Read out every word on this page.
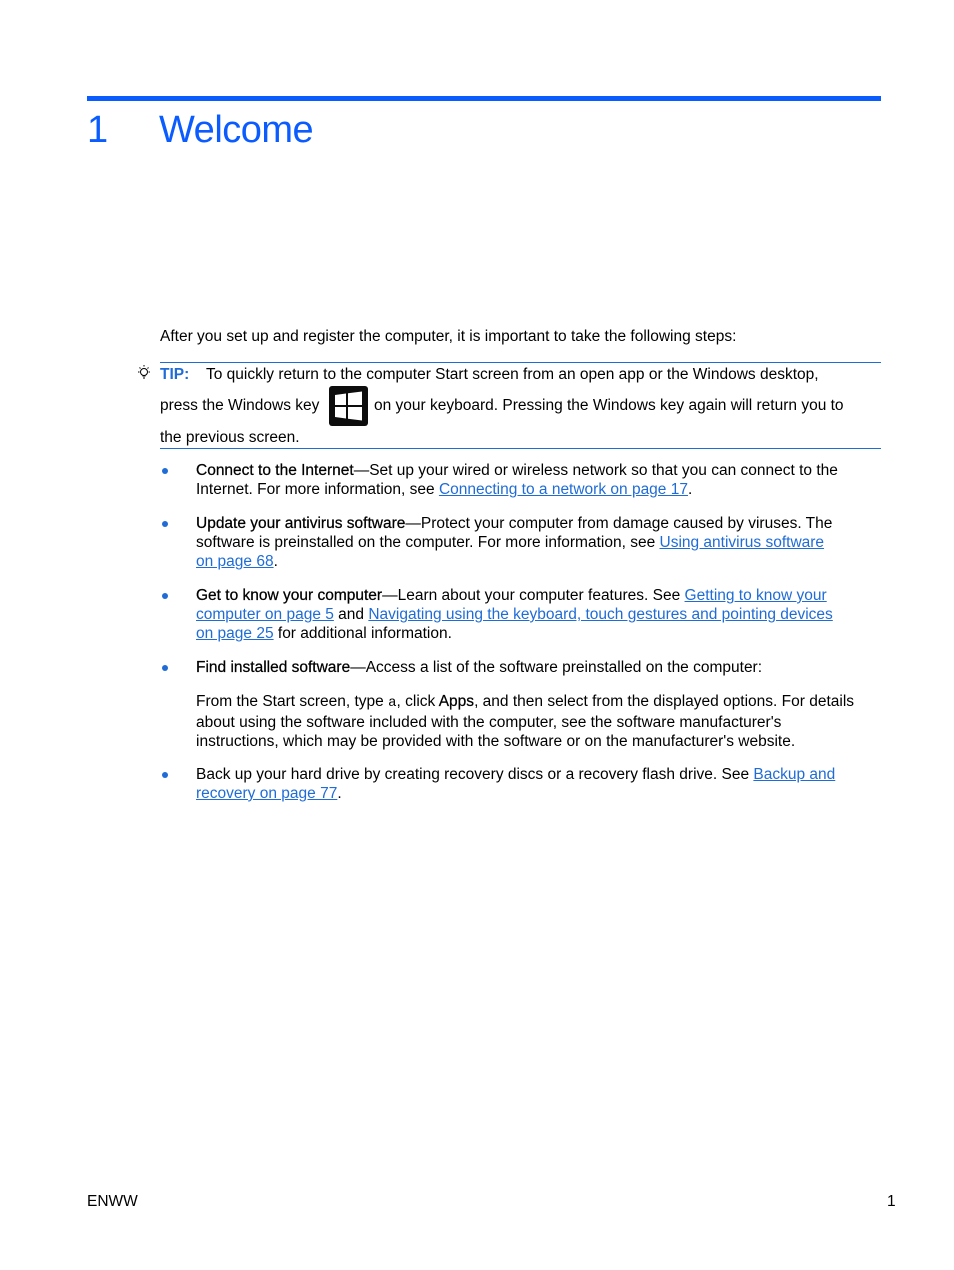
1 Welcome
After you set up and register the computer, it is important to take the following steps:
TIP: To quickly return to the computer Start screen from an open app or the Windows desktop,
press the Windows key	on your keyboard. Pressing the Windows key again will return you to
the previous screen.
Connect to the Internet—Set up your wired or wireless network so that you can connect to the
Internet. For more information, see Connecting to a network on page 17.
Update your antivirus software—Protect your computer from damage caused by viruses. The
software is preinstalled on the computer. For more information, see Using antivirus software
on page 68.
Get to know your computer—Learn about your computer features. See Getting to know your
computer on page 5 and Navigating using the keyboard, touch gestures and pointing devices
on page 25 for additional information.
Find installed software—Access a list of the software preinstalled on the computer:
From the Start screen, type a, click Apps, and then select from the displayed options. For details
about using the software included with the computer, see the software manufacturer's
instructions, which may be provided with the software or on the manufacturer's website.
Back up your hard drive by creating recovery discs or a recovery flash drive. See Backup and
recovery on page 77.
ENWW	1
